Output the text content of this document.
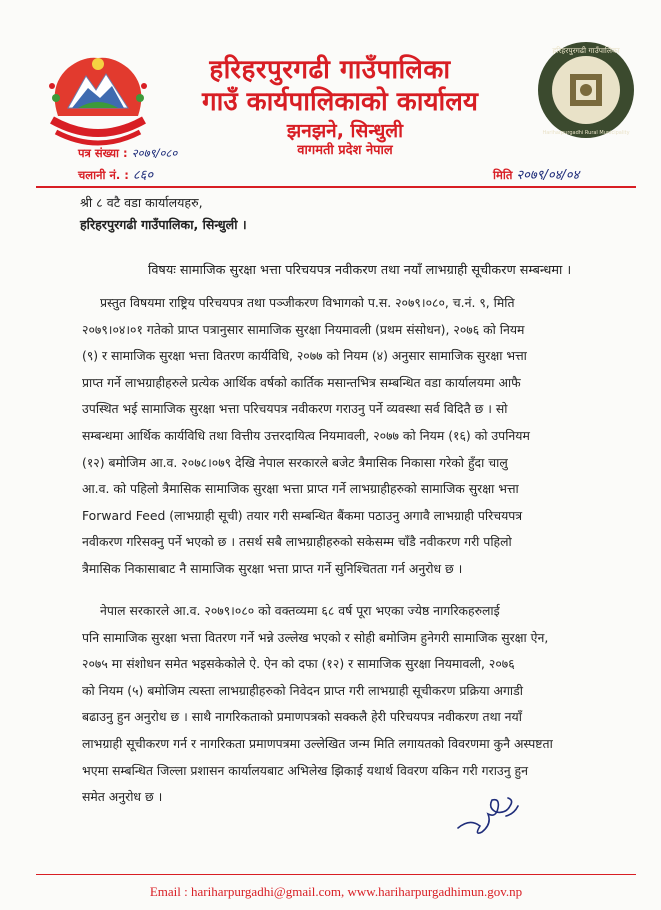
हरिहरपुरगढी गाउँपालिका
गाउँ कार्यपालिकाको कार्यालय
झनझने, सिन्धुली
वागमती प्रदेश नेपाल
हरिहरपुरगढी गाउँपालिका
Hariharpurgadhi Rural Municipality
पत्र संख्या : २०७९/०८०
चलानी नं. : ८६०	मिति २०७९/०४/०४
श्री ८ वटै वडा कार्यालयहरु,
हरिहरपुरगढी गाउँपालिका, सिन्धुली ।
विषयः सामाजिक सुरक्षा भत्ता परिचयपत्र नवीकरण तथा नयाँ लाभग्राही सूचीकरण सम्बन्धमा ।
प्रस्तुत विषयमा राष्ट्रिय परिचयपत्र तथा पञ्जीकरण विभागको प.स. २०७९।०८०, च.नं. ९, मिति
२०७९।०४।०१ गतेको प्राप्त पत्रानुसार सामाजिक सुरक्षा नियमावली (प्रथम संसोधन), २०७६ को नियम
(९) र सामाजिक सुरक्षा भत्ता वितरण कार्यविधि, २०७७ को नियम (४) अनुसार सामाजिक सुरक्षा भत्ता
प्राप्त गर्ने लाभग्राहीहरुले प्रत्येक आर्थिक वर्षको कार्तिक मसान्तभित्र सम्बन्धित वडा कार्यालयमा आफै
उपस्थित भई सामाजिक सुरक्षा भत्ता परिचयपत्र नवीकरण गराउनु पर्ने व्यवस्था सर्व विदितै छ । सो
सम्बन्धमा आर्थिक कार्यविधि तथा वित्तीय उत्तरदायित्व नियमावली, २०७७ को नियम (१६) को उपनियम
(१२) बमोजिम आ.व. २०७८।०७९ देखि नेपाल सरकारले बजेट त्रैमासिक निकासा गरेको हुँदा चालु
आ.व. को पहिलो त्रैमासिक सामाजिक सुरक्षा भत्ता प्राप्त गर्ने लाभग्राहीहरुको सामाजिक सुरक्षा भत्ता
Forward Feed (लाभग्राही सूची) तयार गरी सम्बन्धित बैंकमा पठाउनु अगावै लाभग्राही परिचयपत्र
नवीकरण गरिसक्नु पर्ने भएको छ । तसर्थ सबै लाभग्राहीहरुको सकेसम्म चाँडै नवीकरण गरी पहिलो
त्रैमासिक निकासाबाट नै सामाजिक सुरक्षा भत्ता प्राप्त गर्ने सुनिश्चितता गर्न अनुरोध छ ।
नेपाल सरकारले आ.व. २०७९।०८० को वक्तव्यमा ६८ वर्ष पूरा भएका ज्येष्ठ नागरिकहरुलाई
पनि सामाजिक सुरक्षा भत्ता वितरण गर्ने भन्ने उल्लेख भएको र सोही बमोजिम हुनेगरी सामाजिक सुरक्षा ऐन,
२०७५ मा संशोधन समेत भइसकेकोले ऐ. ऐन को दफा (१२) र सामाजिक सुरक्षा नियमावली, २०७६
को नियम (५) बमोजिम त्यस्ता लाभग्राहीहरुको निवेदन प्राप्त गरी लाभग्राही सूचीकरण प्रक्रिया अगाडी
बढाउनु हुन अनुरोध छ । साथै नागरिकताको प्रमाणपत्रको सक्कलै हेरी परिचयपत्र नवीकरण तथा नयाँ
लाभग्राही सूचीकरण गर्न र नागरिकता प्रमाणपत्रमा उल्लेखित जन्म मिति लगायतको विवरणमा कुनै अस्पष्टता
भएमा सम्बन्धित जिल्ला प्रशासन कार्यालयबाट अभिलेख झिकाई यथार्थ विवरण यकिन गरी गराउनु हुन
समेत अनुरोध छ ।
Email : hariharpurgadhi@gmail.com, www.hariharpurgadhimun.gov.np
